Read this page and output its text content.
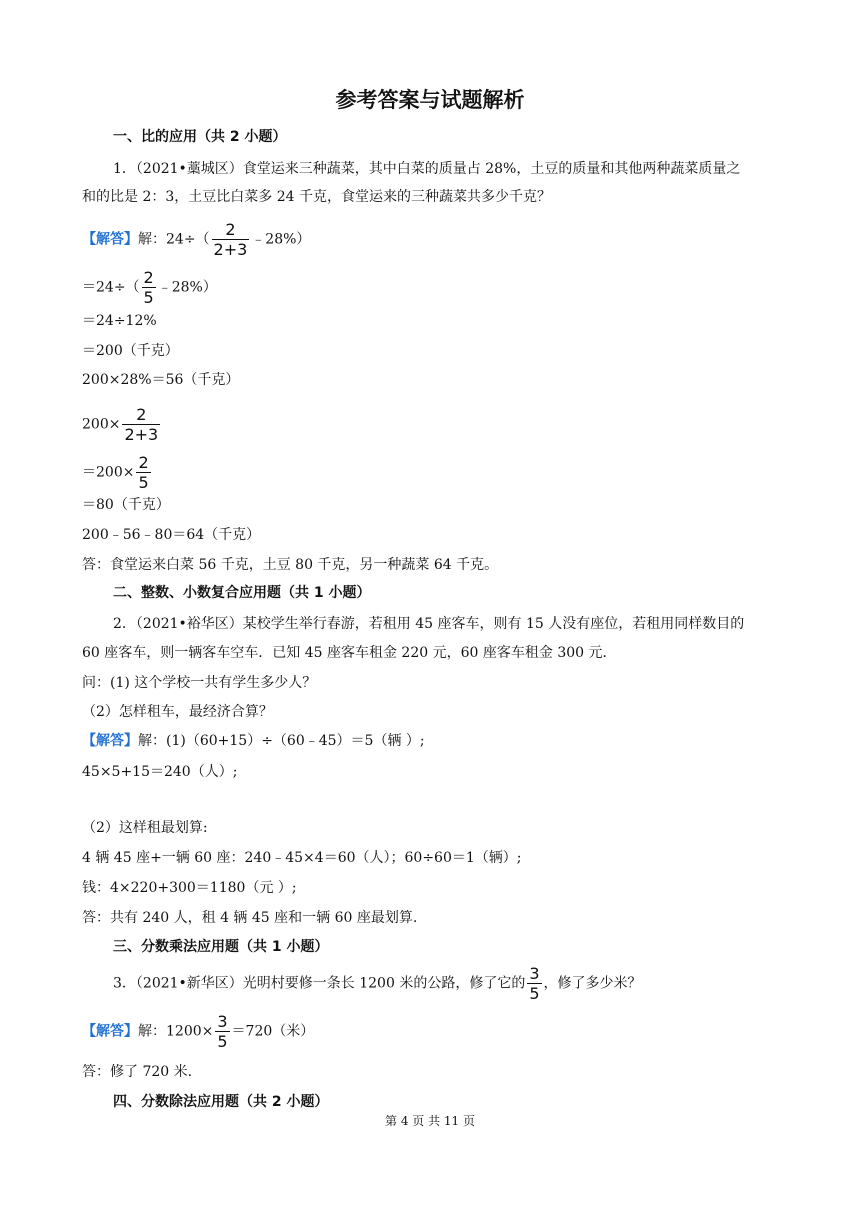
参考答案与试题解析
一、比的应用（共 2 小题）
1．（2021•藁城区）食堂运来三种蔬菜，其中白菜的质量占 28%，土豆的质量和其他两种蔬菜质量之
和的比是 2：3，土豆比白菜多 24 千克，食堂运来的三种蔬菜共多少千克？
【解答】解：$24\div( \frac{2}{2+3}$ ﹣28%）
$=24\div( \frac{2}{5}$ ﹣28%）
＝24÷12%
＝200（千克）
200×28%＝56（千克）
$200\times \frac{2}{2+3}$
$=200\times \frac{2}{5}$
＝80（千克）
200﹣56﹣80＝64（千克）
答：食堂运来白菜 56 千克，土豆 80 千克，另一种蔬菜 64 千克。
二、整数、小数复合应用题（共 1 小题）
2．（2021•裕华区）某校学生举行春游，若租用 45 座客车，则有 15 人没有座位，若租用同样数目的
60 座客车，则一辆客车空车．已知 45 座客车租金 220 元，60 座客车租金 300 元．
问：(1) 这个学校一共有学生多少人？
（2）怎样租车，最经济合算？
【解答】解：(1)（60+15）÷（60﹣45）＝5（辆 ）;
45×5+15＝240（人）;
（2）这样租最划算:
4 辆 45 座+一辆 60 座：240﹣45×4＝60（人）；60÷60＝1（辆）;
钱：4×220+300＝1180（元 ）;
答：共有 240 人，租 4 辆 45 座和一辆 60 座最划算.
三、分数乘法应用题（共 1 小题）
3．（2021•新华区）光明村要修一条长 1200 米的公路，修了它的 $\frac{3}{5}$ ，修了多少米？
【解答】解：$1200\times \frac{3}{5} =720$（米）
答：修了 720 米.
四、分数除法应用题（共 2 小题）
第 4 页 共 11 页
